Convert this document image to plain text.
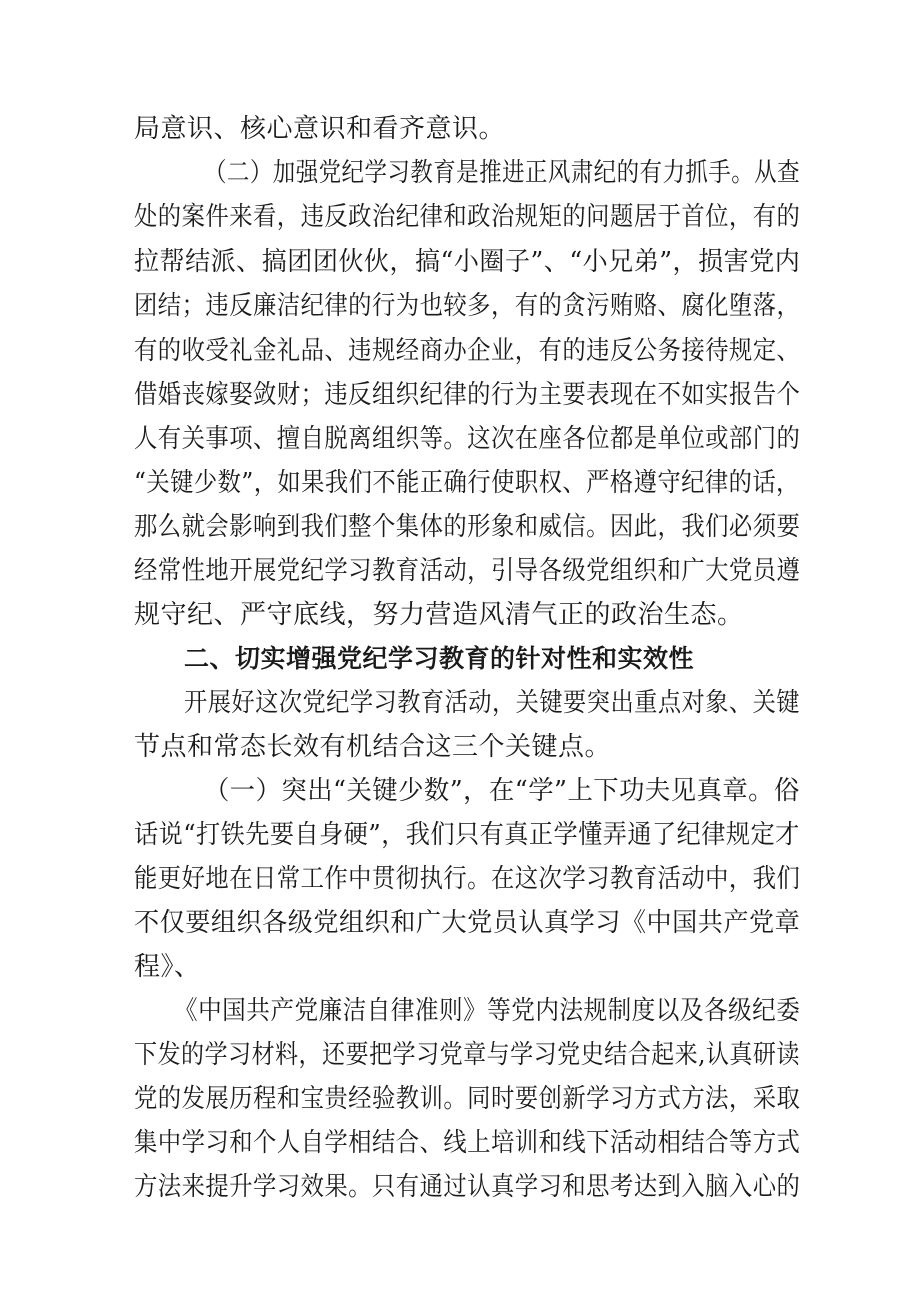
局意识、核心意识和看齐意识。
（二）加强党纪学习教育是推进正风肃纪的有力抓手。从查
处的案件来看，违反政治纪律和政治规矩的问题居于首位，有的
拉帮结派、搞团团伙伙，搞“小圈子”、“小兄弟”，损害党内
团结；违反廉洁纪律的行为也较多，有的贪污贿赂、腐化堕落，
有的收受礼金礼品、违规经商办企业，有的违反公务接待规定、
借婚丧嫁娶敛财；违反组织纪律的行为主要表现在不如实报告个
人有关事项、擅自脱离组织等。这次在座各位都是单位或部门的
“关键少数”，如果我们不能正确行使职权、严格遵守纪律的话，
那么就会影响到我们整个集体的形象和威信。因此，我们必须要
经常性地开展党纪学习教育活动，引导各级党组织和广大党员遵
规守纪、严守底线，努力营造风清气正的政治生态。
二、切实增强党纪学习教育的针对性和实效性
开展好这次党纪学习教育活动，关键要突出重点对象、关键
节点和常态长效有机结合这三个关键点。
（一）突出“关键少数”，在“学”上下功夫见真章。俗
话说“打铁先要自身硬”，我们只有真正学懂弄通了纪律规定才
能更好地在日常工作中贯彻执行。在这次学习教育活动中，我们
不仅要组织各级党组织和广大党员认真学习《中国共产党章
程》、
《中国共产党廉洁自律准则》等党内法规制度以及各级纪委
下发的学习材料，还要把学习党章与学习党史结合起来,认真研读
党的发展历程和宝贵经验教训。同时要创新学习方式方法，采取
集中学习和个人自学相结合、线上培训和线下活动相结合等方式
方法来提升学习效果。只有通过认真学习和思考达到入脑入心的
